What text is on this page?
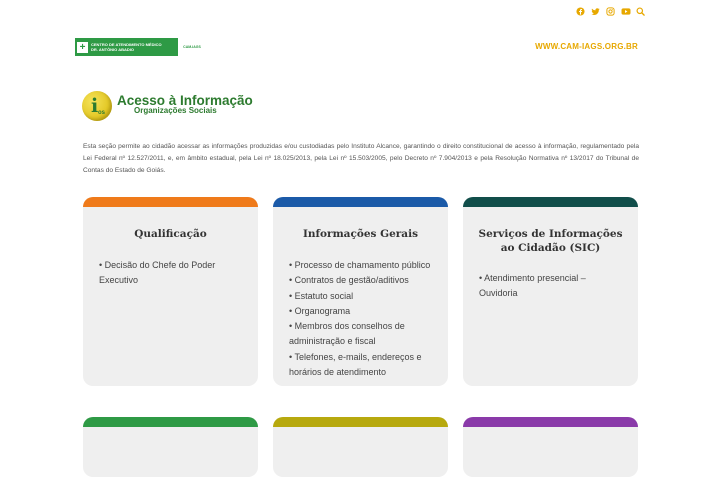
+	CENTRO DE ATENDIMENTO MÉDICO
DR. ANTÔNIO ABADIO	CAM-IAGS	WWW.CAM-IAGS.ORG.BR
i os
Acesso à Informação
Organizações Sociais
Esta seção permite ao cidadão acessar as informações produzidas e/ou custodiadas pelo Instituto Alcance, garantindo o direito constitucional de acesso à informação, regulamentado pela Lei Federal nº 12.527/2011, e, em âmbito estadual, pela Lei nº 18.025/2013, pela Lei nº 15.503/2005, pelo Decreto nº 7.904/2013 e pela Resolução Normativa nº 13/2017 do Tribunal de Contas do Estado de Goiás.
Qualificação
• Decisão do Chefe do Poder Executivo
Informações Gerais
• Processo de chamamento público
• Contratos de gestão/aditivos
• Estatuto social
• Organograma
• Membros dos conselhos de administração e fiscal
• Telefones, e-mails, endereços e horários de atendimento
Serviços de Informações ao Cidadão (SIC)
• Atendimento presencial – Ouvidoria
